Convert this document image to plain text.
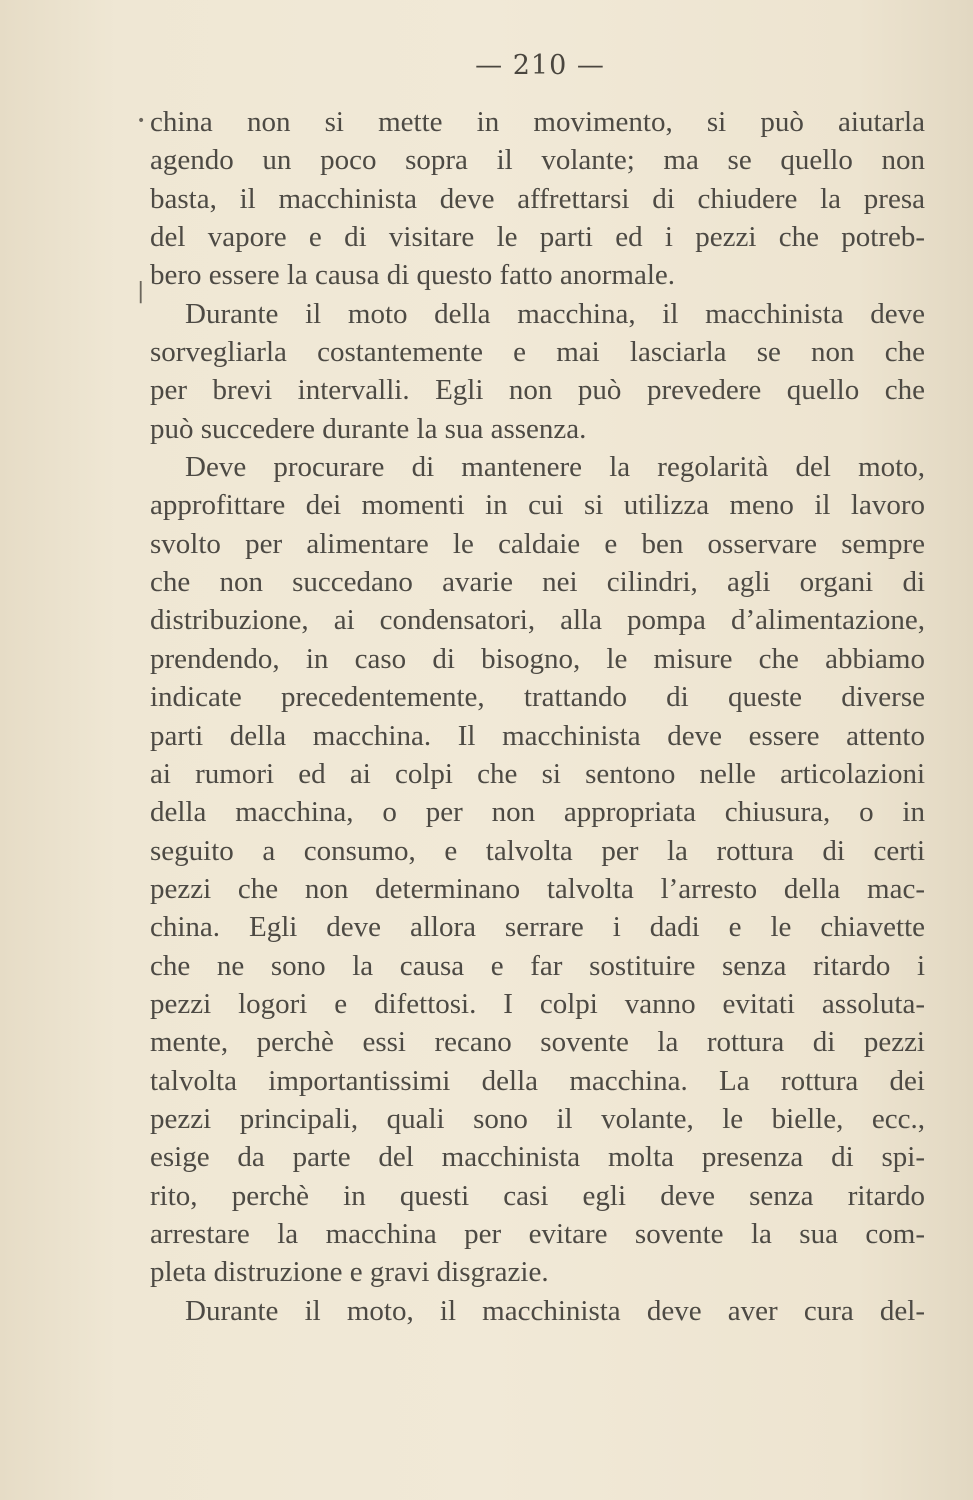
— 210 —
•
|
china non si mette in movimento, si può aiutarla
agendo un poco sopra il volante; ma se quello non
basta, il macchinista deve affrettarsi di chiudere la presa
del vapore e di visitare le parti ed i pezzi che potreb-
bero essere la causa di questo fatto anormale.
Durante il moto della macchina, il macchinista deve
sorvegliarla costantemente e mai lasciarla se non che
per brevi intervalli. Egli non può prevedere quello che
può succedere durante la sua assenza.
Deve procurare di mantenere la regolarità del moto,
approfittare dei momenti in cui si utilizza meno il lavoro
svolto per alimentare le caldaie e ben osservare sempre
che non succedano avarie nei cilindri, agli organi di
distribuzione, ai condensatori, alla pompa d’alimentazione,
prendendo, in caso di bisogno, le misure che abbiamo
indicate precedentemente, trattando di queste diverse
parti della macchina. Il macchinista deve essere attento
ai rumori ed ai colpi che si sentono nelle articolazioni
della macchina, o per non appropriata chiusura, o in
seguito a consumo, e talvolta per la rottura di certi
pezzi che non determinano talvolta l’arresto della mac-
china. Egli deve allora serrare i dadi e le chiavette
che ne sono la causa e far sostituire senza ritardo i
pezzi logori e difettosi. I colpi vanno evitati assoluta-
mente, perchè essi recano sovente la rottura di pezzi
talvolta importantissimi della macchina. La rottura dei
pezzi principali, quali sono il volante, le bielle, ecc.,
esige da parte del macchinista molta presenza di spi-
rito, perchè in questi casi egli deve senza ritardo
arrestare la macchina per evitare sovente la sua com-
pleta distruzione e gravi disgrazie.
Durante il moto, il macchinista deve aver cura del-
